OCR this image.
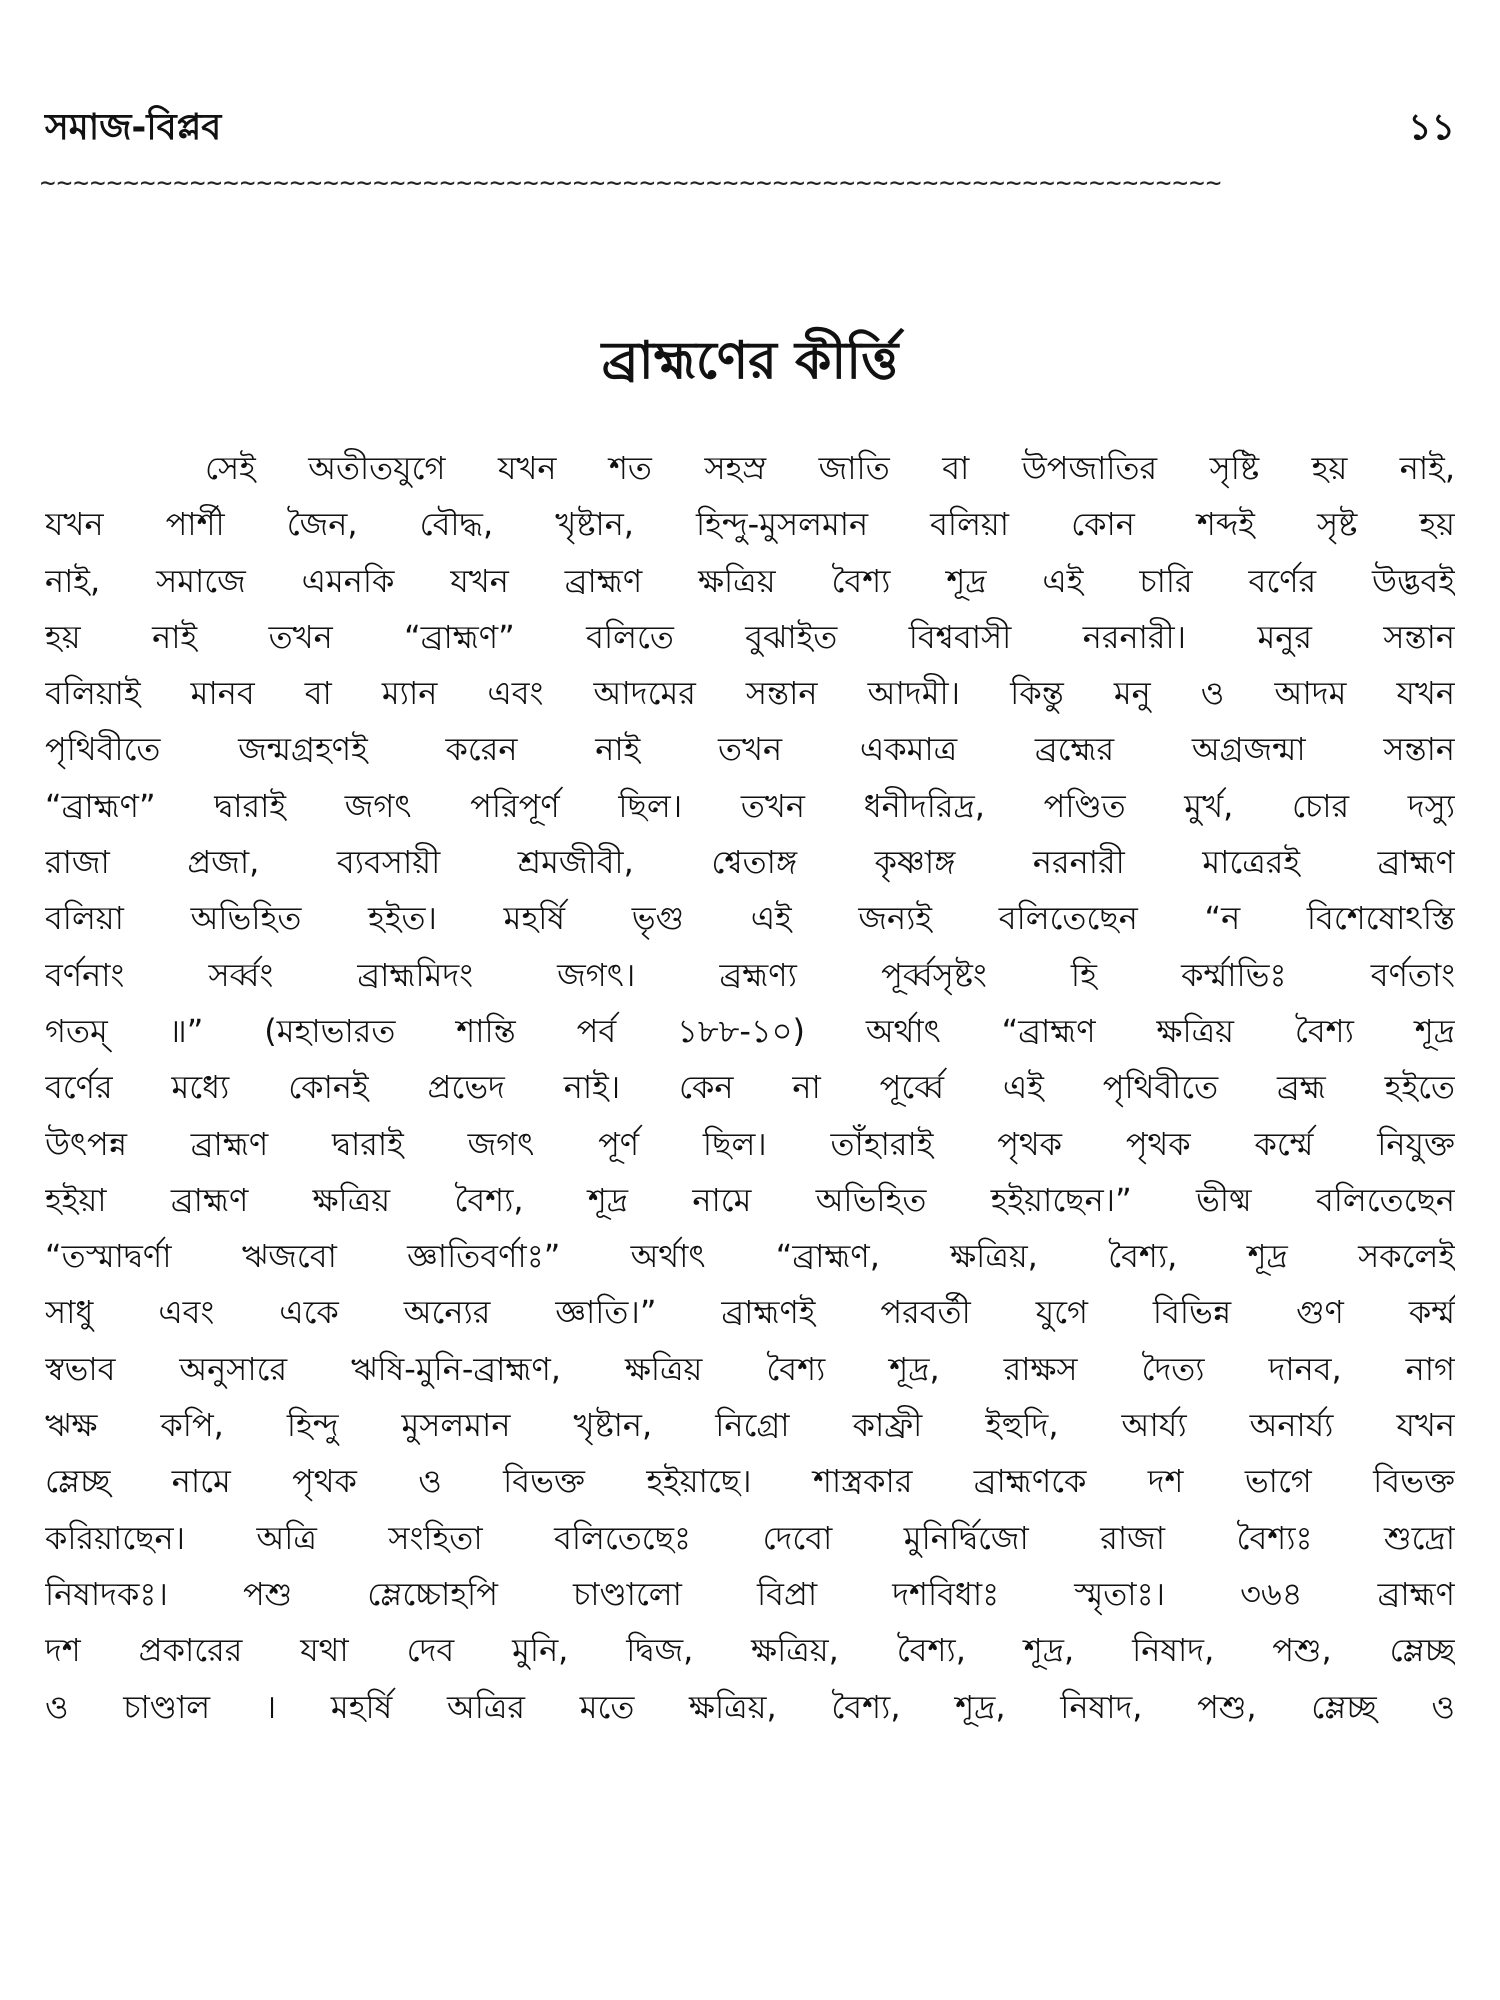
সমাজ-বিপ্লব	১১
~~~~~~~~~~~~~~~~~~~~~~~~~~~~~~~~~~~~~~~~~~~~~~~~~~~~~~~~~~~~~~~~~~~~~~~
ব্রাহ্মণের কীর্ত্তি
সেই অতীতযুগে যখন শত সহস্র জাতি বা উপজাতির সৃষ্টি হয় নাই,
যখন পার্শী জৈন, বৌদ্ধ, খৃষ্টান, হিন্দু-মুসলমান বলিয়া কোন শব্দই সৃষ্ট হয়
নাই, সমাজে এমনকি যখন ব্রাহ্মণ ক্ষত্রিয় বৈশ্য শূদ্র এই চারি বর্ণের উদ্ভবই
হয় নাই তখন “ব্রাহ্মণ” বলিতে বুঝাইত বিশ্ববাসী নরনারী। মনুর সন্তান
বলিয়াই মানব বা ম্যান এবং আদমের সন্তান আদমী। কিন্তু মনু ও আদম যখন
পৃথিবীতে জন্মগ্রহণই করেন নাই তখন একমাত্র ব্রহ্মের অগ্রজন্মা সন্তান
“ব্রাহ্মণ” দ্বারাই জগৎ পরিপূর্ণ ছিল। তখন ধনীদরিদ্র, পণ্ডিত মুর্খ, চোর দস্যু
রাজা প্রজা, ব্যবসায়ী শ্রমজীবী, শ্বেতাঙ্গ কৃষ্ণাঙ্গ নরনারী মাত্রেরই ব্রাহ্মণ
বলিয়া অভিহিত হইত। মহর্ষি ভৃগু এই জন্যই বলিতেছেন “ন বিশেষোঽস্তি
বর্ণনাং সর্ব্বং ব্রাহ্মমিদং জগৎ। ব্রহ্মণ্য পূর্ব্বসৃষ্টং হি কর্ম্মাভিঃ বর্ণতাং
গতম্ ॥” (মহাভারত শান্তি পর্ব ১৮৮-১০) অর্থাৎ “ব্রাহ্মণ ক্ষত্রিয় বৈশ্য শূদ্র
বর্ণের মধ্যে কোনই প্রভেদ নাই। কেন না পূর্ব্বে এই পৃথিবীতে ব্রহ্ম হইতে
উৎপন্ন ব্রাহ্মণ দ্বারাই জগৎ পূর্ণ ছিল। তাঁহারাই পৃথক পৃথক কর্ম্মে নিযুক্ত
হইয়া ব্রাহ্মণ ক্ষত্রিয় বৈশ্য, শূদ্র নামে অভিহিত হইয়াছেন।” ভীষ্ম বলিতেছেন
“তস্মাদ্বর্ণা ঋজবো জ্ঞাতিবর্ণাঃ” অর্থাৎ “ব্রাহ্মণ, ক্ষত্রিয়, বৈশ্য, শূদ্র সকলেই
সাধু এবং একে অন্যের জ্ঞাতি।” ব্রাহ্মণই পরবর্তী যুগে বিভিন্ন গুণ কর্ম্ম
স্বভাব অনুসারে ঋষি-মুনি-ব্রাহ্মণ, ক্ষত্রিয় বৈশ্য শূদ্র, রাক্ষস দৈত্য দানব, নাগ
ঋক্ষ কপি, হিন্দু মুসলমান খৃষ্টান, নিগ্রো কাফ্রী ইহুদি, আর্য্য অনার্য্য যখন
ম্লেচ্ছ নামে পৃথক ও বিভক্ত হইয়াছে। শাস্ত্রকার ব্রাহ্মণকে দশ ভাগে বিভক্ত
করিয়াছেন। অত্রি সংহিতা বলিতেছেঃ দেবো মুনির্দ্বিজো রাজা বৈশ্যঃ শুদ্রো
নিষাদকঃ। পশু ম্লেচ্চোহপি চাণ্ডালো বিপ্রা দশবিধাঃ স্মৃতাঃ। ৩৬৪ ব্রাহ্মণ
দশ প্রকারের যথা দেব মুনি, দ্বিজ, ক্ষত্রিয়, বৈশ্য, শূদ্র, নিষাদ, পশু, ম্লেচ্ছ
ও চাণ্ডাল । মহর্ষি অত্রির মতে ক্ষত্রিয়, বৈশ্য, শূদ্র, নিষাদ, পশু, ম্লেচ্ছ ও
